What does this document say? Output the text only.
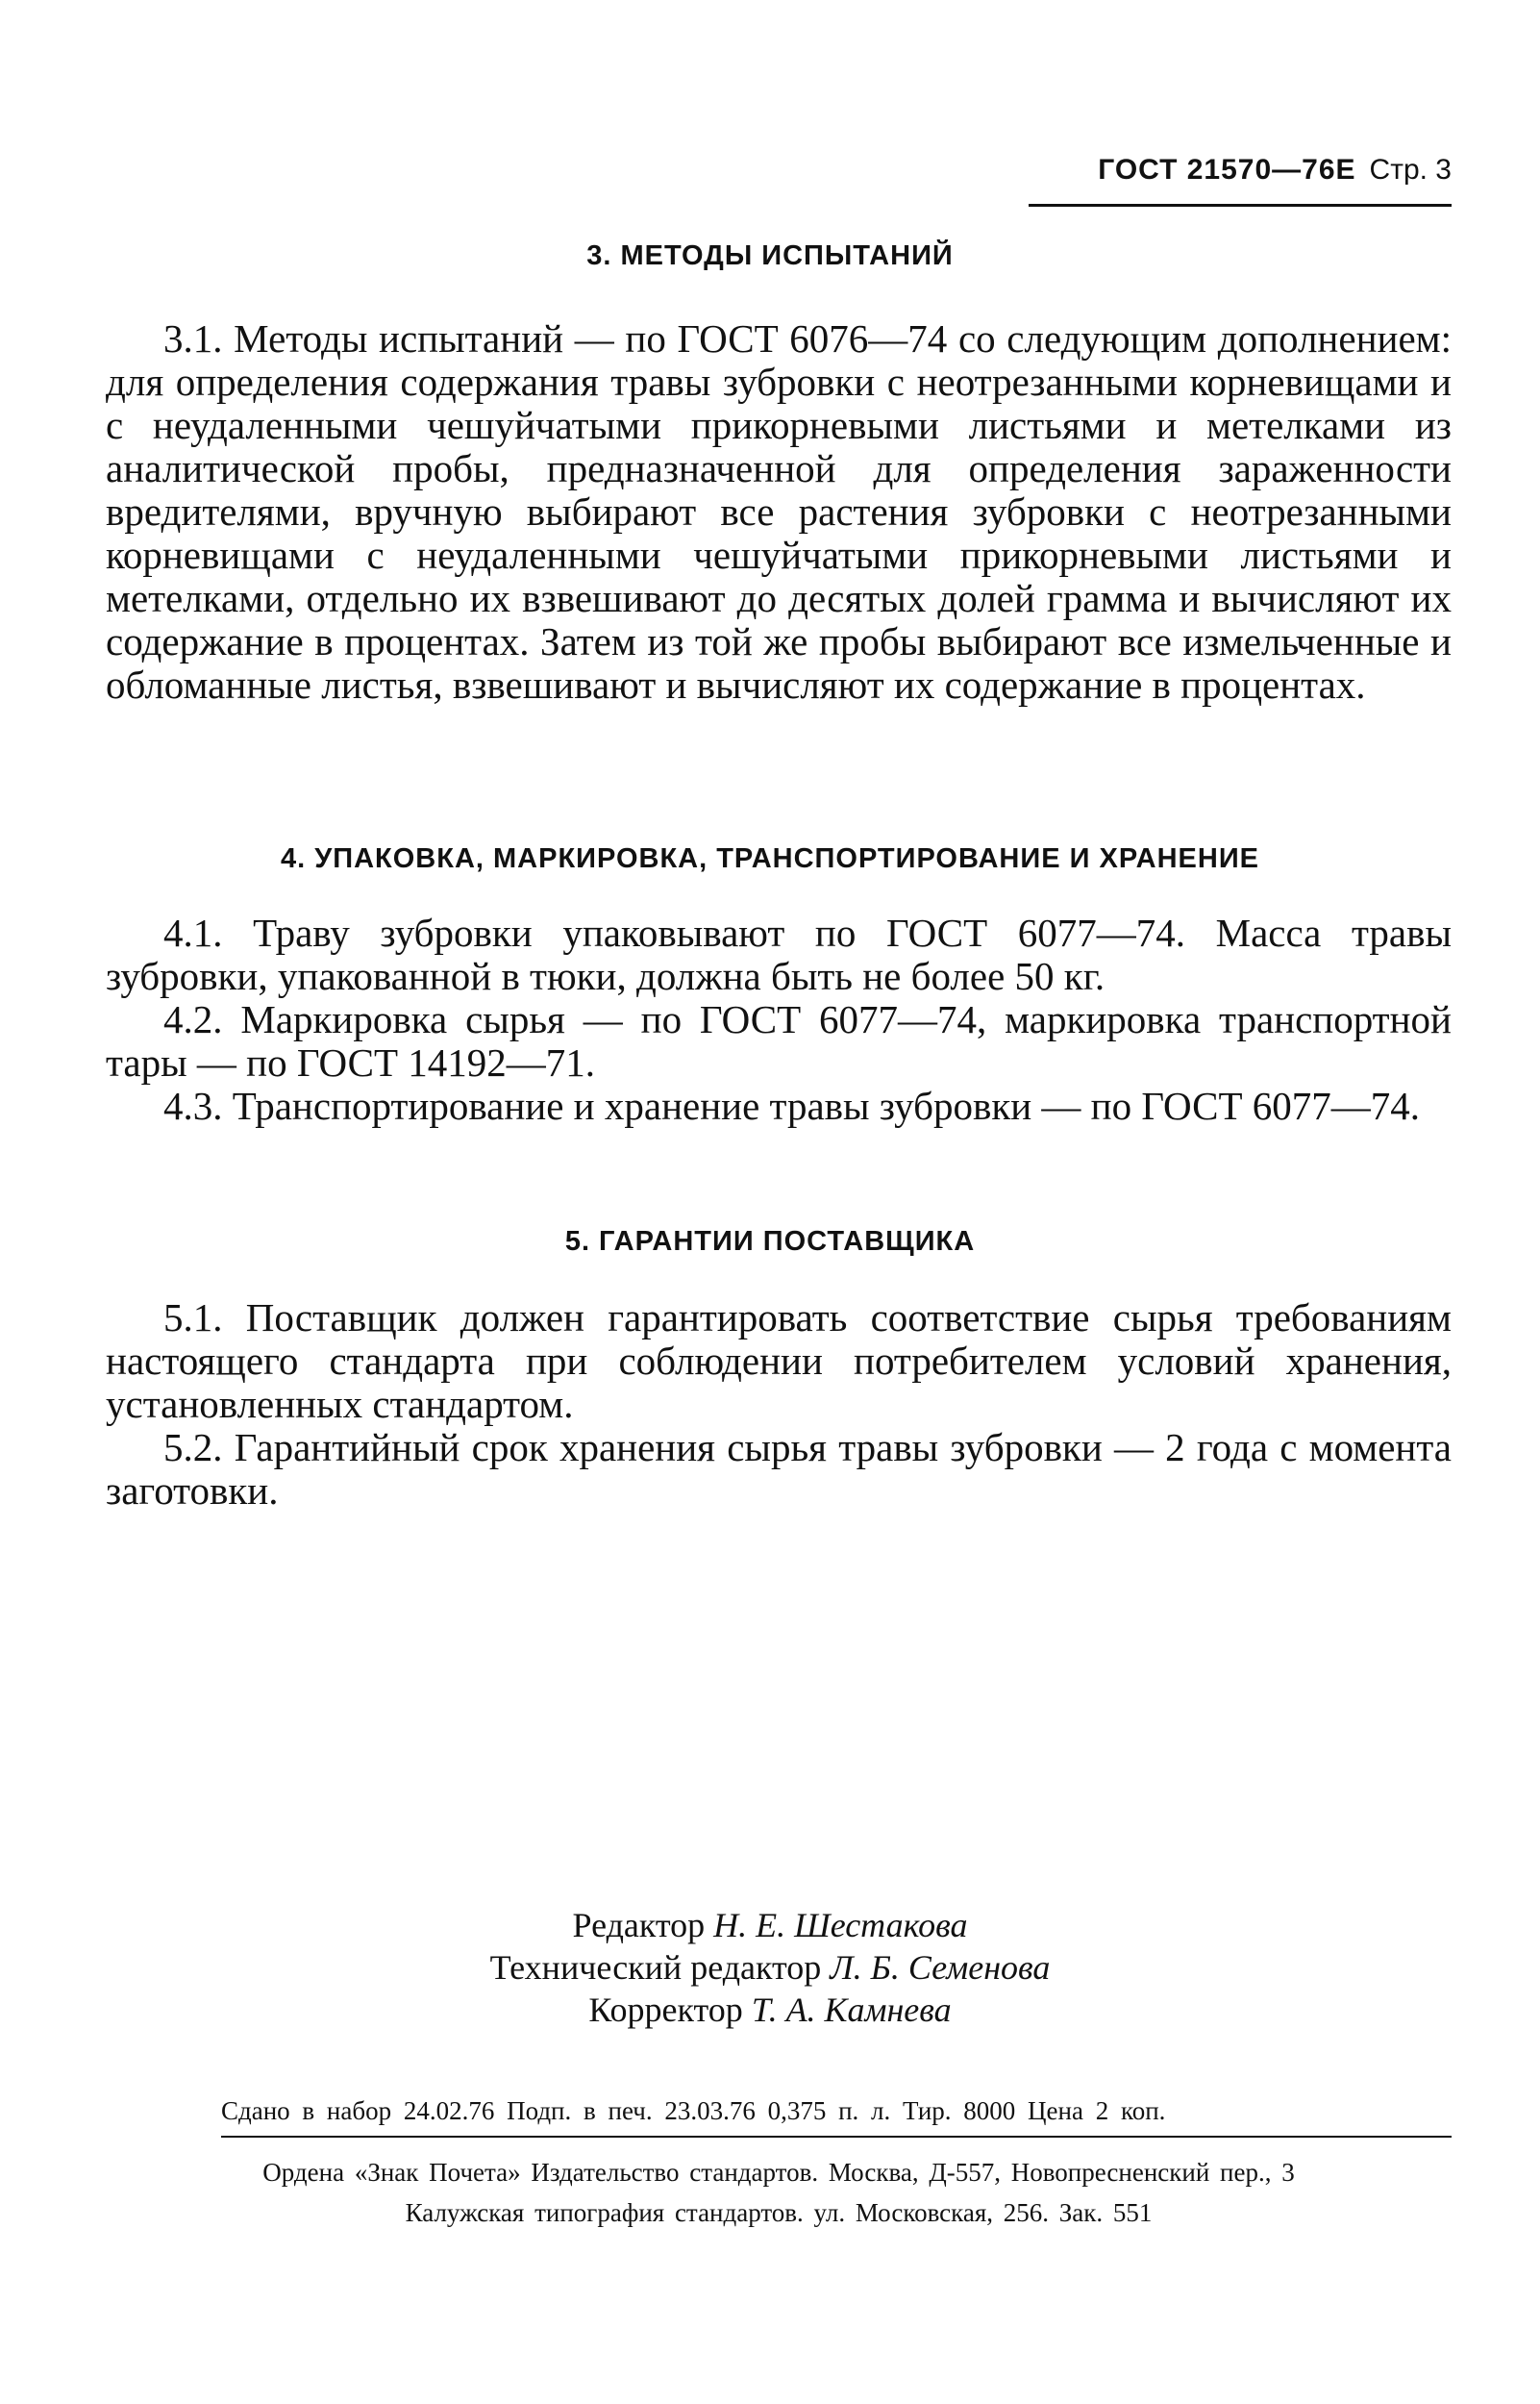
ГОСТ 21570—76Е Стр. 3
3. МЕТОДЫ ИСПЫТАНИЙ

3.1. Методы испытаний — по ГОСТ 6076—74 со следующим дополнением: для определения содержания травы зубровки с неотрезанными корневищами и с неудаленными чешуйчатыми прикорневыми листьями и метелками из аналитической пробы, предназначенной для определения зараженности вредителями, вручную выбирают все растения зубровки с неотрезанными корневищами с неудаленными чешуйчатыми прикорневыми листьями и метелками, отдельно их взвешивают до десятых долей грамма и вычисляют их содержание в процентах. Затем из той же пробы выбирают все измельченные и обломанные листья, взвешивают и вычисляют их содержание в процентах.

4. УПАКОВКА, МАРКИРОВКА, ТРАНСПОРТИРОВАНИЕ И ХРАНЕНИЕ

4.1. Траву зубровки упаковывают по ГОСТ 6077—74. Масса травы зубровки, упакованной в тюки, должна быть не более 50 кг.

4.2. Маркировка сырья — по ГОСТ 6077—74, маркировка транспортной тары — по ГОСТ 14192—71.

4.3. Транспортирование и хранение травы зубровки — по ГОСТ 6077—74.

5. ГАРАНТИИ ПОСТАВЩИКА

5.1. Поставщик должен гарантировать соответствие сырья требованиям настоящего стандарта при соблюдении потребителем условий хранения, установленных стандартом.

5.2. Гарантийный срок хранения сырья травы зубровки — 2 года с момента заготовки.

Редактор Н. Е. Шестакова
Технический редактор Л. Б. Семенова
Корректор Т. А. Камнева
Сдано в набор 24.02.76 Подп. в печ. 23.03.76 0,375 п. л. Тир. 8000 Цена 2 коп.
Ордена «Знак Почета» Издательство стандартов. Москва, Д-557, Новопресненский пер., 3
Калужская типография стандартов. ул. Московская, 256. Зак. 551
